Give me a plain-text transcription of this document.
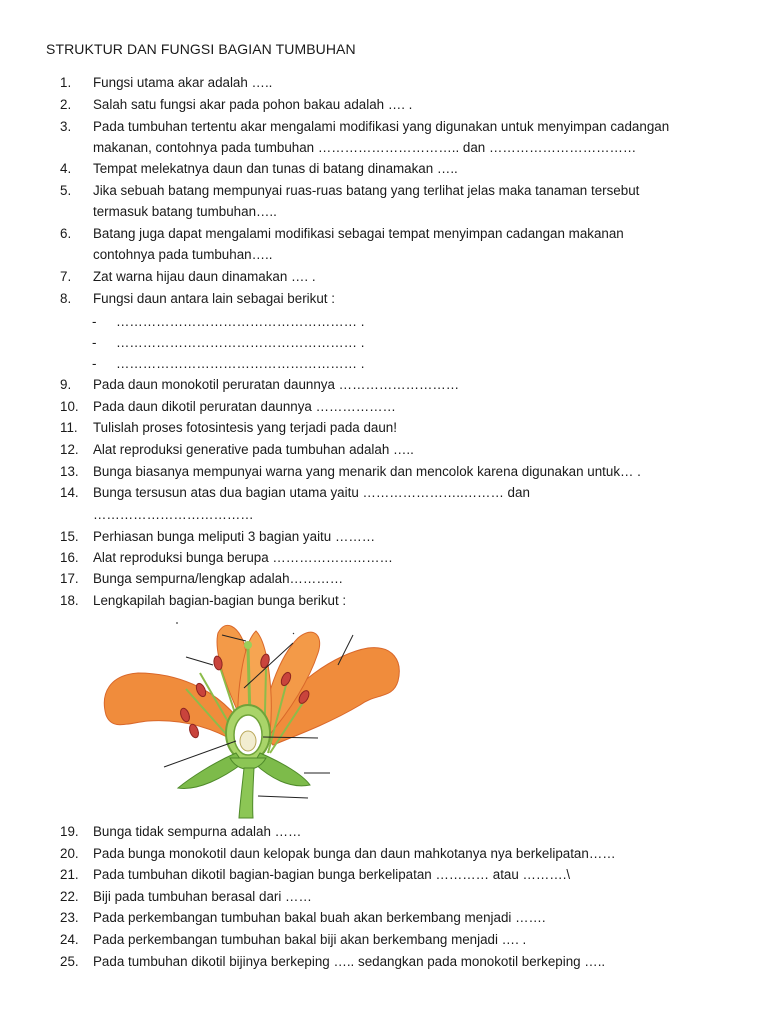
STRUKTUR DAN FUNGSI BAGIAN TUMBUHAN
1. Fungsi utama akar adalah …..
2. Salah satu fungsi akar pada pohon bakau adalah …. .
3. Pada tumbuhan tertentu akar mengalami modifikasi yang digunakan untuk menyimpan cadangan
makanan, contohnya pada tumbuhan ………………………….. dan ……………………………
4. Tempat melekatnya daun dan tunas di batang dinamakan …..
5. Jika sebuah batang mempunyai ruas-ruas batang yang terlihat jelas maka tanaman tersebut
termasuk batang tumbuhan…..
6. Batang juga dapat mengalami modifikasi sebagai tempat menyimpan cadangan makanan
contohnya pada tumbuhan…..
7. Zat warna hijau daun dinamakan …. .
8. Fungsi daun antara lain sebagai berikut :
- ……………………………………………… .
- ……………………………………………… .
- ……………………………………………… .
9. Pada daun monokotil peruratan daunnya ………………………
10. Pada daun dikotil peruratan daunnya ………………
11. Tulislah proses fotosintesis yang terjadi pada daun!
12. Alat reproduksi generative pada tumbuhan adalah …..
13. Bunga biasanya mempunyai warna yang menarik dan mencolok karena digunakan untuk… .
14. Bunga tersusun atas dua bagian utama yaitu …………………..……… dan
………………………………
15. Perhiasan bunga meliputi 3 bagian yaitu ………
16. Alat reproduksi bunga berupa ………………………
17. Bunga sempurna/lengkap adalah…………
18. Lengkapilah bagian-bagian bunga berikut :
19. Bunga tidak sempurna adalah ……
20. Pada bunga monokotil daun kelopak bunga dan daun mahkotanya nya berkelipatan……
21. Pada tumbuhan dikotil bagian-bagian bunga berkelipatan ………… atau ……….\
22. Biji pada tumbuhan berasal dari ……
23. Pada perkembangan tumbuhan bakal buah akan berkembang menjadi …….
24. Pada perkembangan tumbuhan bakal biji akan berkembang menjadi …. .
25. Pada tumbuhan dikotil bijinya berkeping ….. sedangkan pada monokotil berkeping …..
